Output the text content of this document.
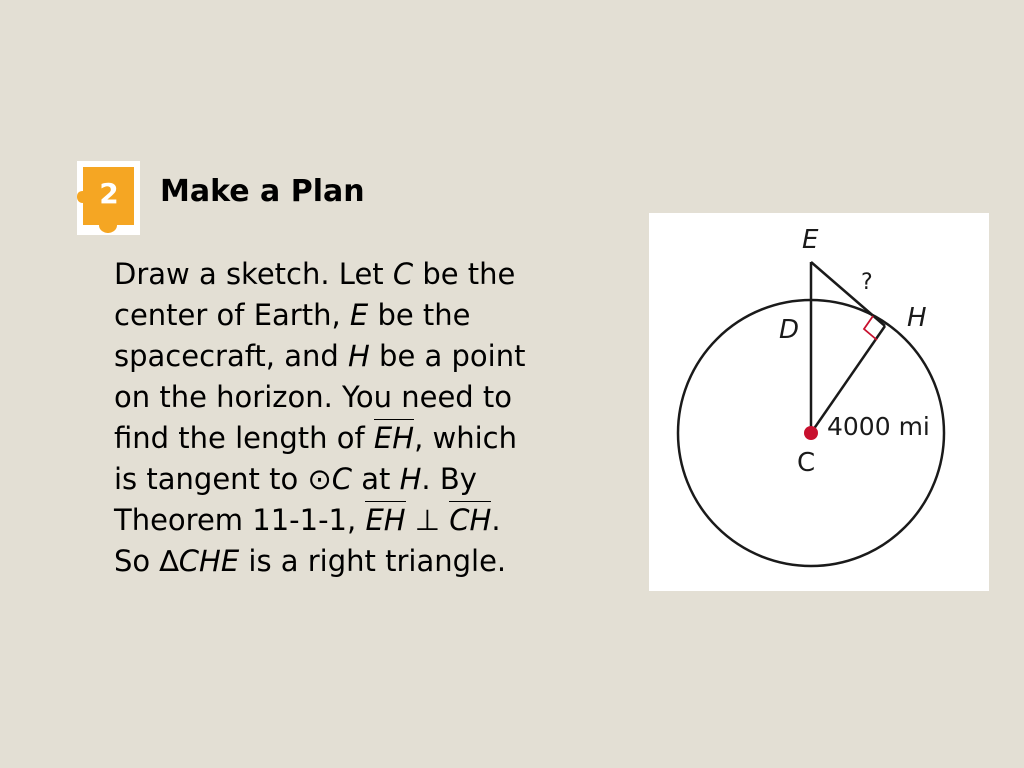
2 Make a Plan
Draw a sketch. Let C be the
center of Earth, E be the
spacecraft, and H be a point
on the horizon. You need to
find the length of EH, which
is tangent to ⊙C at H. By
Theorem 11-1-1, EH ⊥ CH.
So ∆CHE is a right triangle.
E
?
H
D
4000 mi
C
